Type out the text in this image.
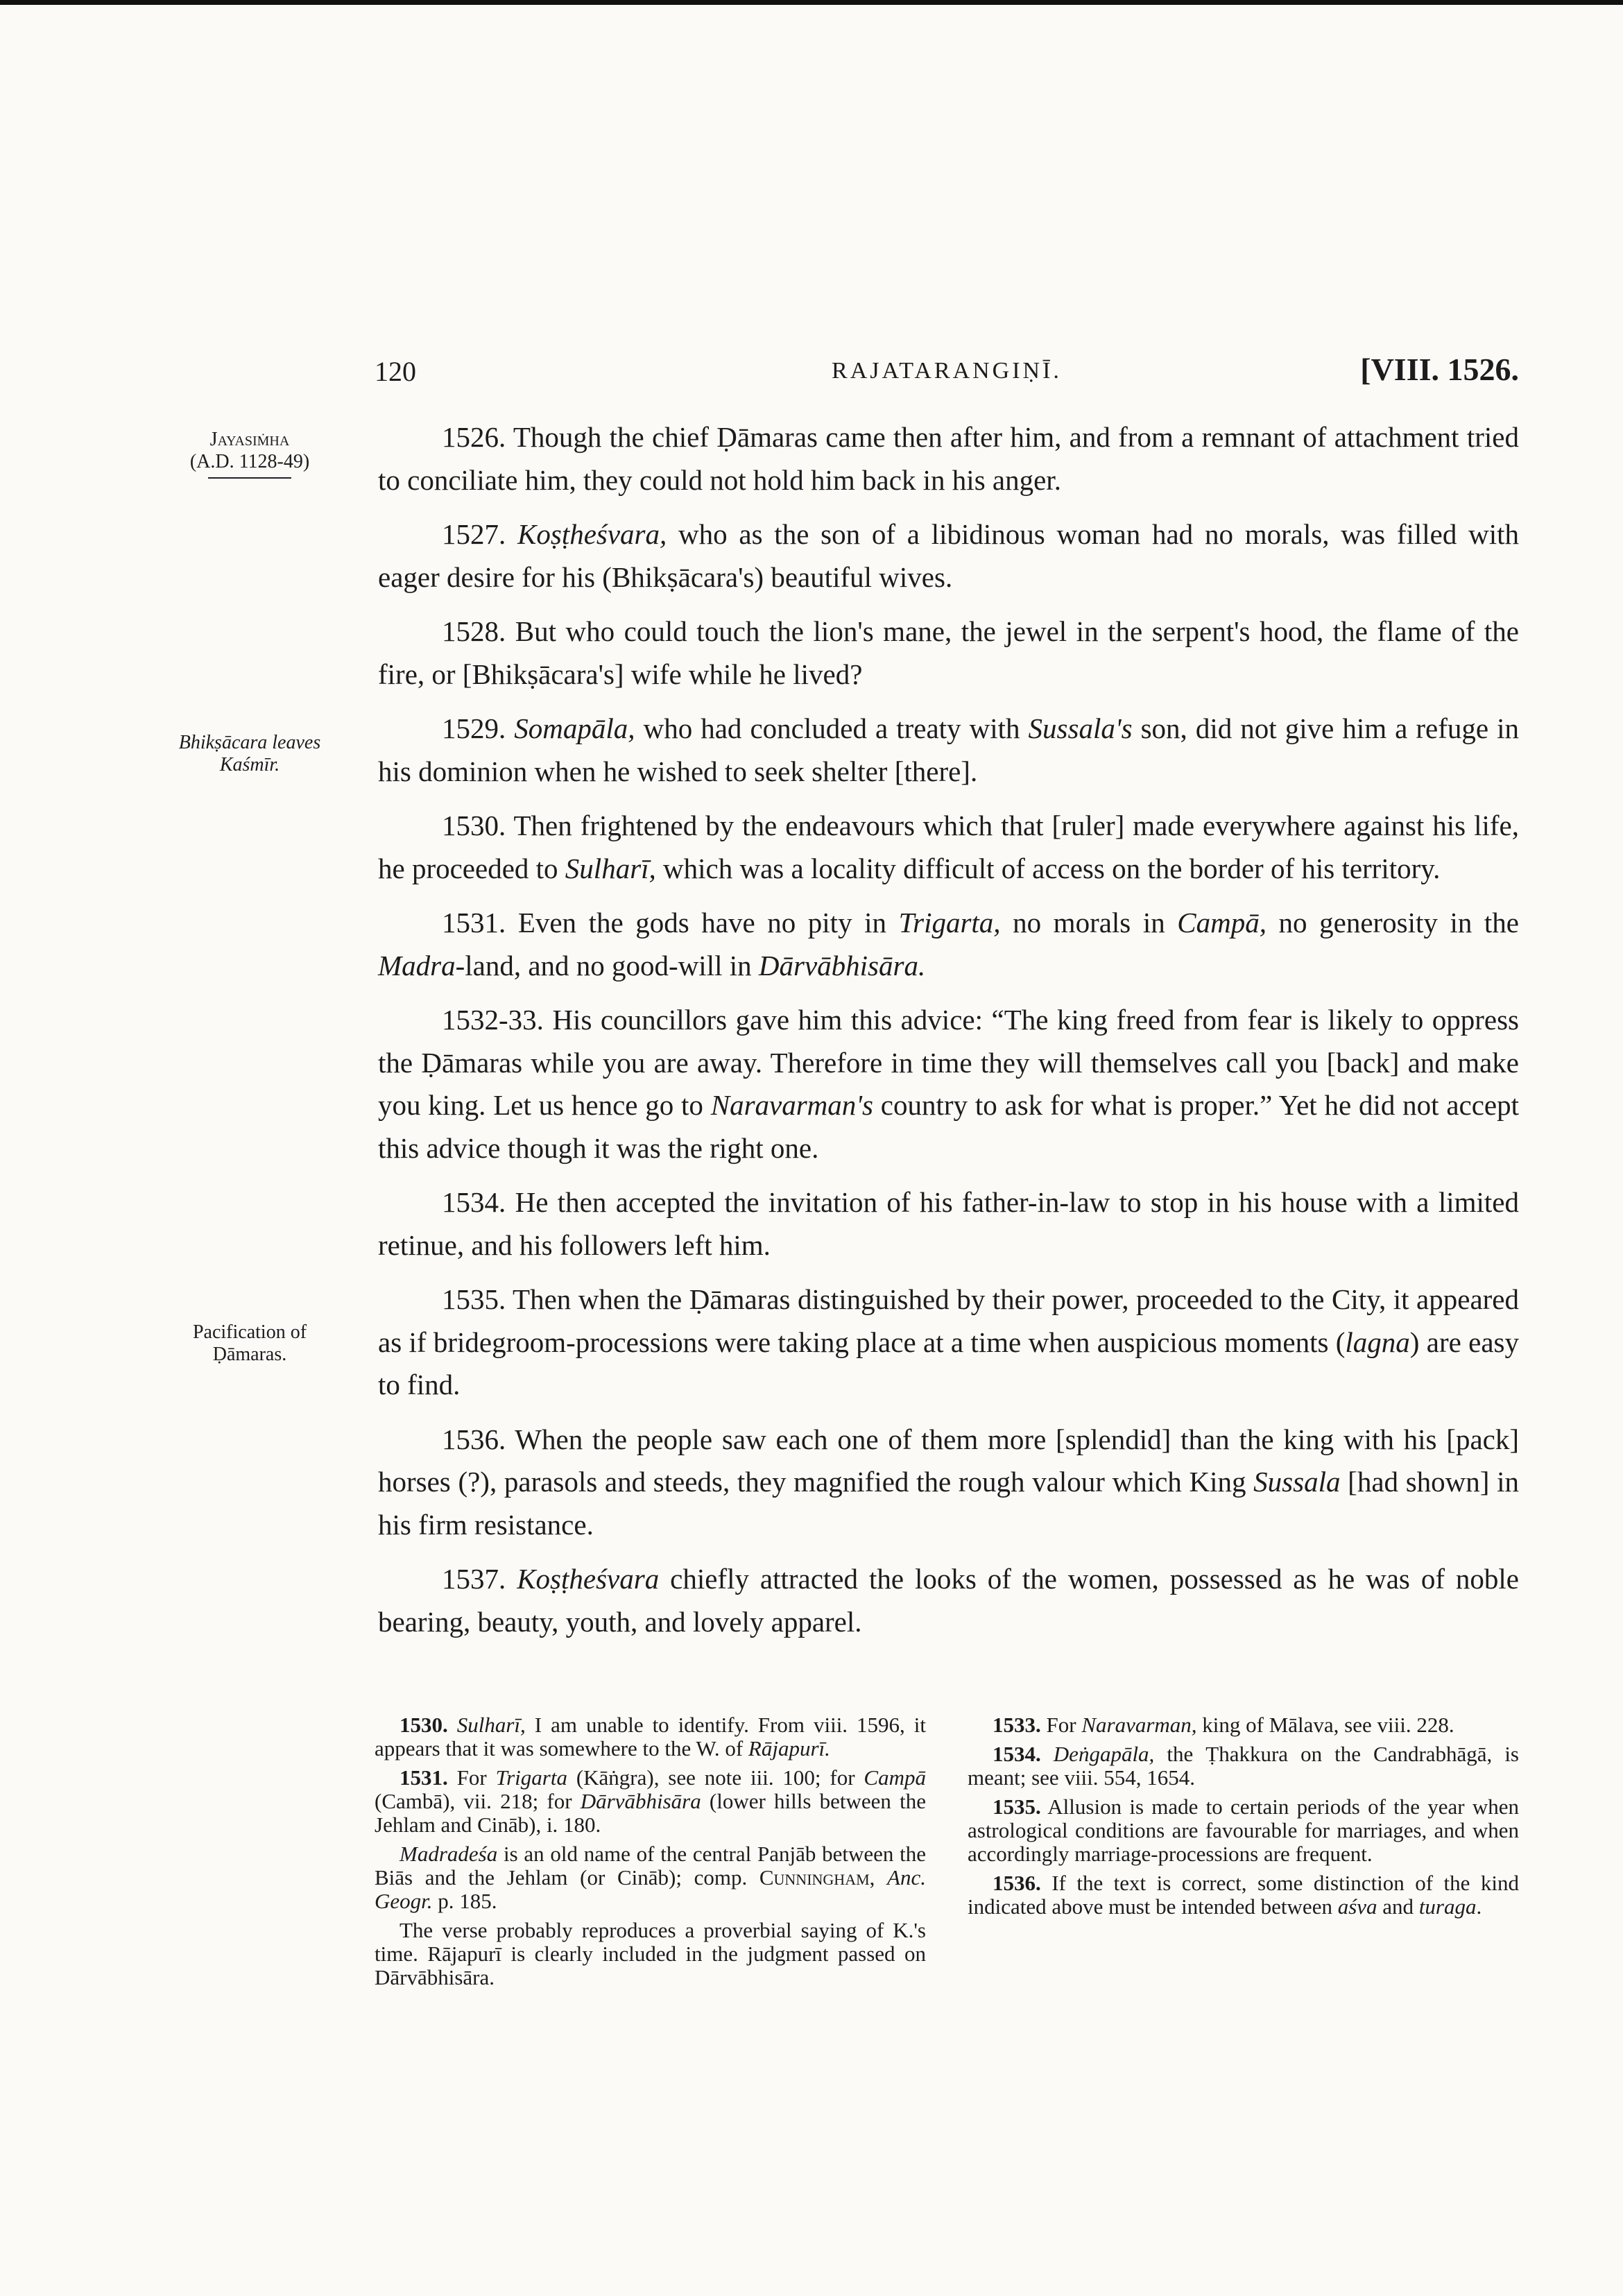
120	RAJATARANGIṆĪ.	[VIII. 1526.
Jayasiṁha
(A.D. 1128-49)
Bhikṣācara leaves Kaśmīr.
Pacification of Ḍāmaras.

1526. Though the chief Ḍāmaras came then after him, and from a remnant of attachment tried to conciliate him, they could not hold him back in his anger.

1527. Koṣṭheśvara, who as the son of a libidinous woman had no morals, was filled with eager desire for his (Bhikṣācara's) beautiful wives.

1528. But who could touch the lion's mane, the jewel in the serpent's hood, the flame of the fire, or [Bhikṣācara's] wife while he lived?

1529. Somapāla, who had concluded a treaty with Sussala's son, did not give him a refuge in his dominion when he wished to seek shelter [there].

1530. Then frightened by the endeavours which that [ruler] made everywhere against his life, he proceeded to Sulharī, which was a locality difficult of access on the border of his territory.

1531. Even the gods have no pity in Trigarta, no morals in Campā, no generosity in the Madra-land, and no good-will in Dārvābhisāra.

1532-33. His councillors gave him this advice: “The king freed from fear is likely to oppress the Ḍāmaras while you are away. Therefore in time they will themselves call you [back] and make you king. Let us hence go to Naravarman's country to ask for what is proper.” Yet he did not accept this advice though it was the right one.

1534. He then accepted the invitation of his father-in-law to stop in his house with a limited retinue, and his followers left him.

1535. Then when the Ḍāmaras distinguished by their power, proceeded to the City, it appeared as if bridegroom-processions were taking place at a time when auspicious moments (lagna) are easy to find.

1536. When the people saw each one of them more [splendid] than the king with his [pack] horses (?), parasols and steeds, they magnified the rough valour which King Sussala [had shown] in his firm resistance.

1537. Koṣṭheśvara chiefly attracted the looks of the women, possessed as he was of noble bearing, beauty, youth, and lovely apparel.

1530. Sulharī, I am unable to identify. From viii. 1596, it appears that it was somewhere to the W. of Rājapurī.

1531. For Trigarta (Kāṅgra), see note iii. 100; for Campā (Cambā), vii. 218; for Dārvābhisāra (lower hills between the Jehlam and Cināb), i. 180.

Madradeśa is an old name of the central Panjāb between the Biās and the Jehlam (or Cināb); comp. Cunningham, Anc. Geogr. p. 185.

The verse probably reproduces a proverbial saying of K.'s time. Rājapurī is clearly included in the judgment passed on Dārvābhisāra.

1533. For Naravarman, king of Mālava, see viii. 228.

1534. Deṅgapāla, the Ṭhakkura on the Candrabhāgā, is meant; see viii. 554, 1654.

1535. Allusion is made to certain periods of the year when astrological conditions are favourable for marriages, and when accordingly marriage-processions are frequent.

1536. If the text is correct, some distinction of the kind indicated above must be intended between aśva and turaga.
